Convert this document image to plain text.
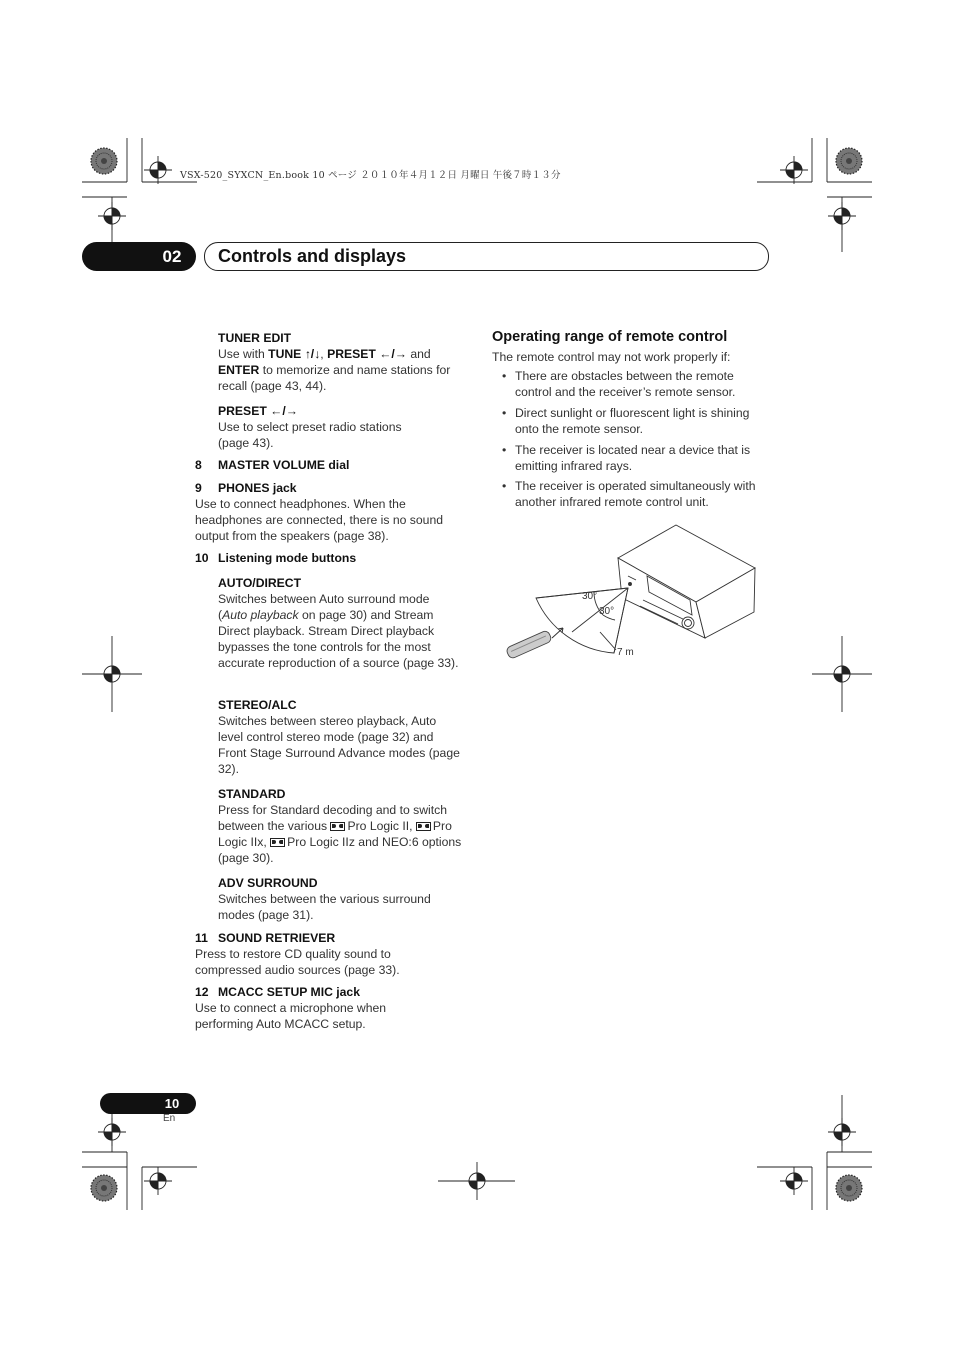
VSX-520_SYXCN_En.book 10 ページ ２０１０年４月１２日 月曜日 午後７時１３分
02	Controls and displays

TUNER EDIT

Use with TUNE ↑/↓, PRESET ←/→ and ENTER to memorize and name stations for recall (page 43, 44).

PRESET ←/→

Use to select preset radio stations (page 43).

8 MASTER VOLUME dial

9 PHONES jack

Use to connect headphones. When the headphones are connected, there is no sound output from the speakers (page 38).

10 Listening mode buttons

AUTO/DIRECT

Switches between Auto surround mode (Auto playback on page 30) and Stream Direct playback. Stream Direct playback bypasses the tone controls for the most accurate reproduction of a source (page 33).

STEREO/ALC

Switches between stereo playback, Auto level control stereo mode (page 32) and Front Stage Surround Advance modes (page 32).

STANDARD

Press for Standard decoding and to switch between the various Pro Logic II, Pro Logic IIx, Pro Logic IIz and NEO:6 options (page 30).

ADV SURROUND

Switches between the various surround modes (page 31).

11 SOUND RETRIEVER

Press to restore CD quality sound to compressed audio sources (page 33).

12 MCACC SETUP MIC jack

Use to connect a microphone when performing Auto MCACC setup.

Operating range of remote control
The remote control may not work properly if:
• There are obstacles between the remote control and the receiver’s remote sensor.
• Direct sunlight or fluorescent light is shining onto the remote sensor.
• The receiver is located near a device that is emitting infrared rays.
• The receiver is operated simultaneously with another infrared remote control unit.
30°
30°
7 m
10
En
